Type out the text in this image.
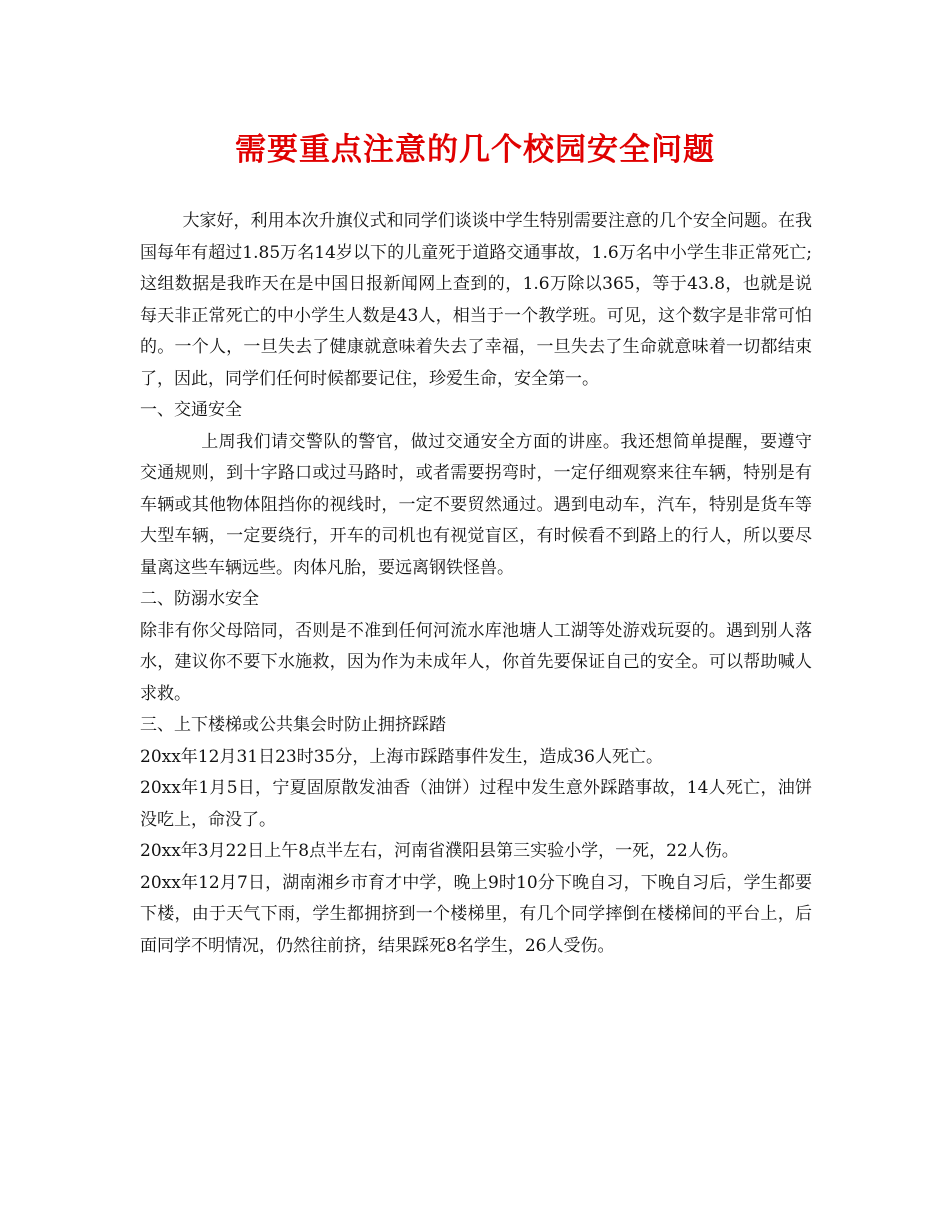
需要重点注意的几个校园安全问题

大家好，利用本次升旗仪式和同学们谈谈中学生特别需要注意的几个安全问题。在我国每年有超过1.85万名14岁以下的儿童死于道路交通事故，1.6万名中小学生非正常死亡;这组数据是我昨天在是中国日报新闻网上查到的，1.6万除以365，等于43.8，也就是说每天非正常死亡的中小学生人数是43人，相当于一个教学班。可见，这个数字是非常可怕的。一个人，一旦失去了健康就意味着失去了幸福，一旦失去了生命就意味着一切都结束了，因此，同学们任何时候都要记住，珍爱生命，安全第一。

一、交通安全

上周我们请交警队的警官，做过交通安全方面的讲座。我还想简单提醒，要遵守交通规则，到十字路口或过马路时，或者需要拐弯时，一定仔细观察来往车辆，特别是有车辆或其他物体阻挡你的视线时，一定不要贸然通过。遇到电动车，汽车，特别是货车等大型车辆，一定要绕行，开车的司机也有视觉盲区，有时候看不到路上的行人，所以要尽量离这些车辆远些。肉体凡胎，要远离钢铁怪兽。

二、防溺水安全

除非有你父母陪同，否则是不准到任何河流水库池塘人工湖等处游戏玩耍的。遇到别人落水，建议你不要下水施救，因为作为未成年人，你首先要保证自己的安全。可以帮助喊人求救。

三、上下楼梯或公共集会时防止拥挤踩踏

20xx年12月31日23时35分，上海市踩踏事件发生，造成36人死亡。

20xx年1月5日，宁夏固原散发油香（油饼）过程中发生意外踩踏事故，14人死亡，油饼没吃上，命没了。

20xx年3月22日上午8点半左右，河南省濮阳县第三实验小学，一死，22人伤。

20xx年12月7日，湖南湘乡市育才中学，晚上9时10分下晚自习，下晚自习后，学生都要下楼，由于天气下雨，学生都拥挤到一个楼梯里，有几个同学摔倒在楼梯间的平台上，后面同学不明情况，仍然往前挤，结果踩死8名学生，26人受伤。
